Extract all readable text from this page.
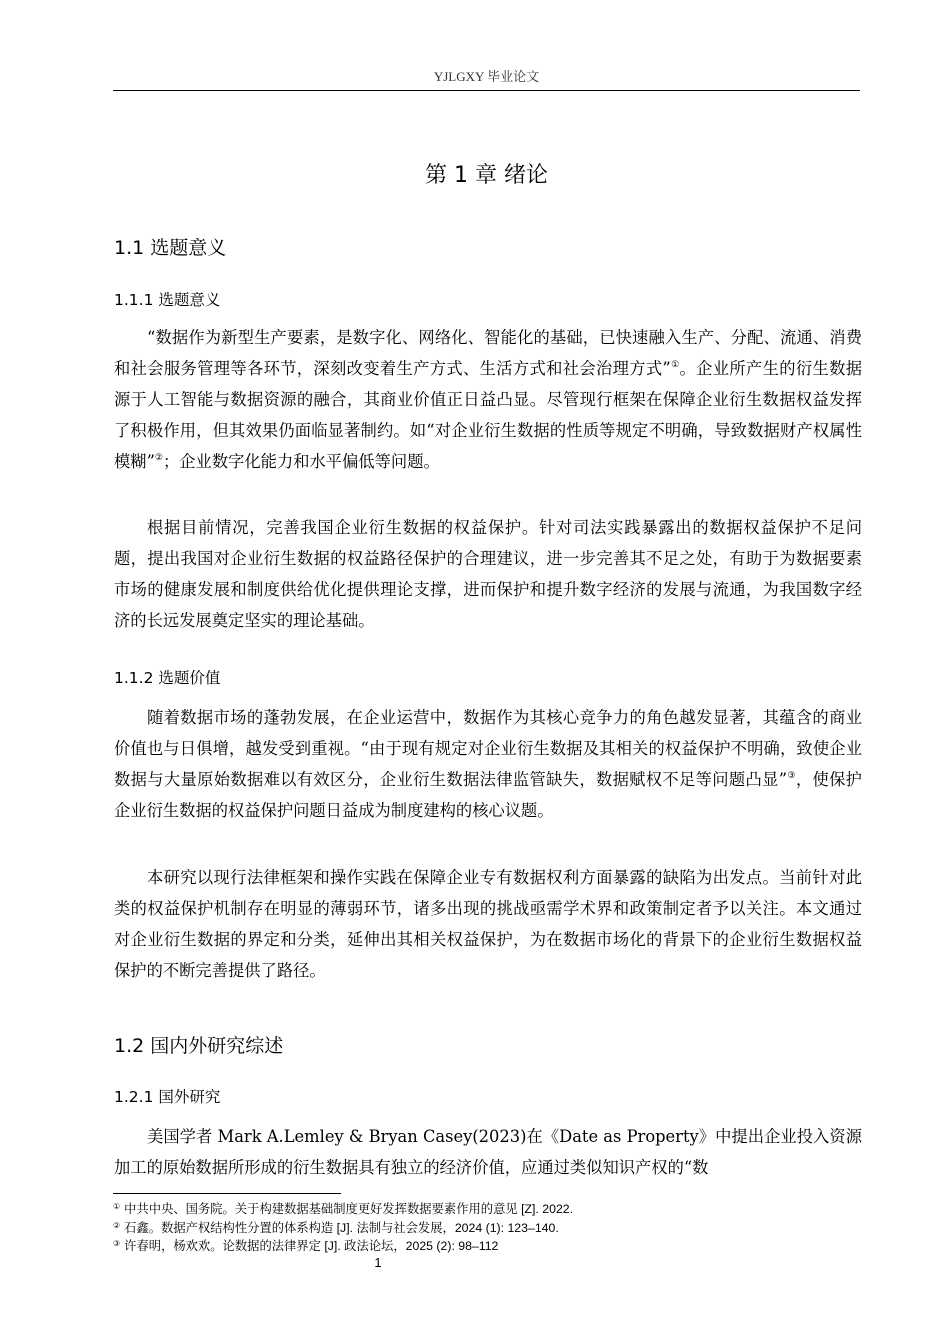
YJLGXY 毕业论文
第 1 章 绪论
1.1 选题意义
1.1.1 选题意义

“数据作为新型生产要素，是数字化、网络化、智能化的基础，已快速融入生产、分配、流通、消费和社会服务管理等各环节，深刻改变着生产方式、生活方式和社会治理方式”①。企业所产生的衍生数据源于人工智能与数据资源的融合，其商业价值正日益凸显。尽管现行框架在保障企业衍生数据权益发挥了积极作用，但其效果仍面临显著制约。如“对企业衍生数据的性质等规定不明确，导致数据财产权属性模糊”②；企业数字化能力和水平偏低等问题。

根据目前情况，完善我国企业衍生数据的权益保护。针对司法实践暴露出的数据权益保护不足问题，提出我国对企业衍生数据的权益路径保护的合理建议，进一步完善其不足之处，有助于为数据要素市场的健康发展和制度供给优化提供理论支撑，进而保护和提升数字经济的发展与流通，为我国数字经济的长远发展奠定坚实的理论基础。

1.1.2 选题价值

随着数据市场的蓬勃发展，在企业运营中，数据作为其核心竞争力的角色越发显著，其蕴含的商业价值也与日俱增，越发受到重视。“由于现有规定对企业衍生数据及其相关的权益保护不明确，致使企业数据与大量原始数据难以有效区分，企业衍生数据法律监管缺失，数据赋权不足等问题凸显”③，使保护企业衍生数据的权益保护问题日益成为制度建构的核心议题。

本研究以现行法律框架和操作实践在保障企业专有数据权利方面暴露的缺陷为出发点。当前针对此类的权益保护机制存在明显的薄弱环节，诸多出现的挑战亟需学术界和政策制定者予以关注。本文通过对企业衍生数据的界定和分类，延伸出其相关权益保护，为在数据市场化的背景下的企业衍生数据权益保护的不断完善提供了路径。

1.2 国内外研究综述
1.2.1 国外研究

美国学者 Mark A.Lemley & Bryan Casey(2023)在《Date as Property》中提出企业投入资源加工的原始数据所形成的衍生数据具有独立的经济价值，应通过类似知识产权的“数

① 中共中央、国务院。关于构建数据基础制度更好发挥数据要素作用的意见 [Z]. 2022.
② 石鑫。数据产权结构性分置的体系构造 [J]. 法制与社会发展，2024 (1): 123–140.
③ 许春明，杨欢欢。论数据的法律界定 [J]. 政法论坛，2025 (2): 98–112
1
